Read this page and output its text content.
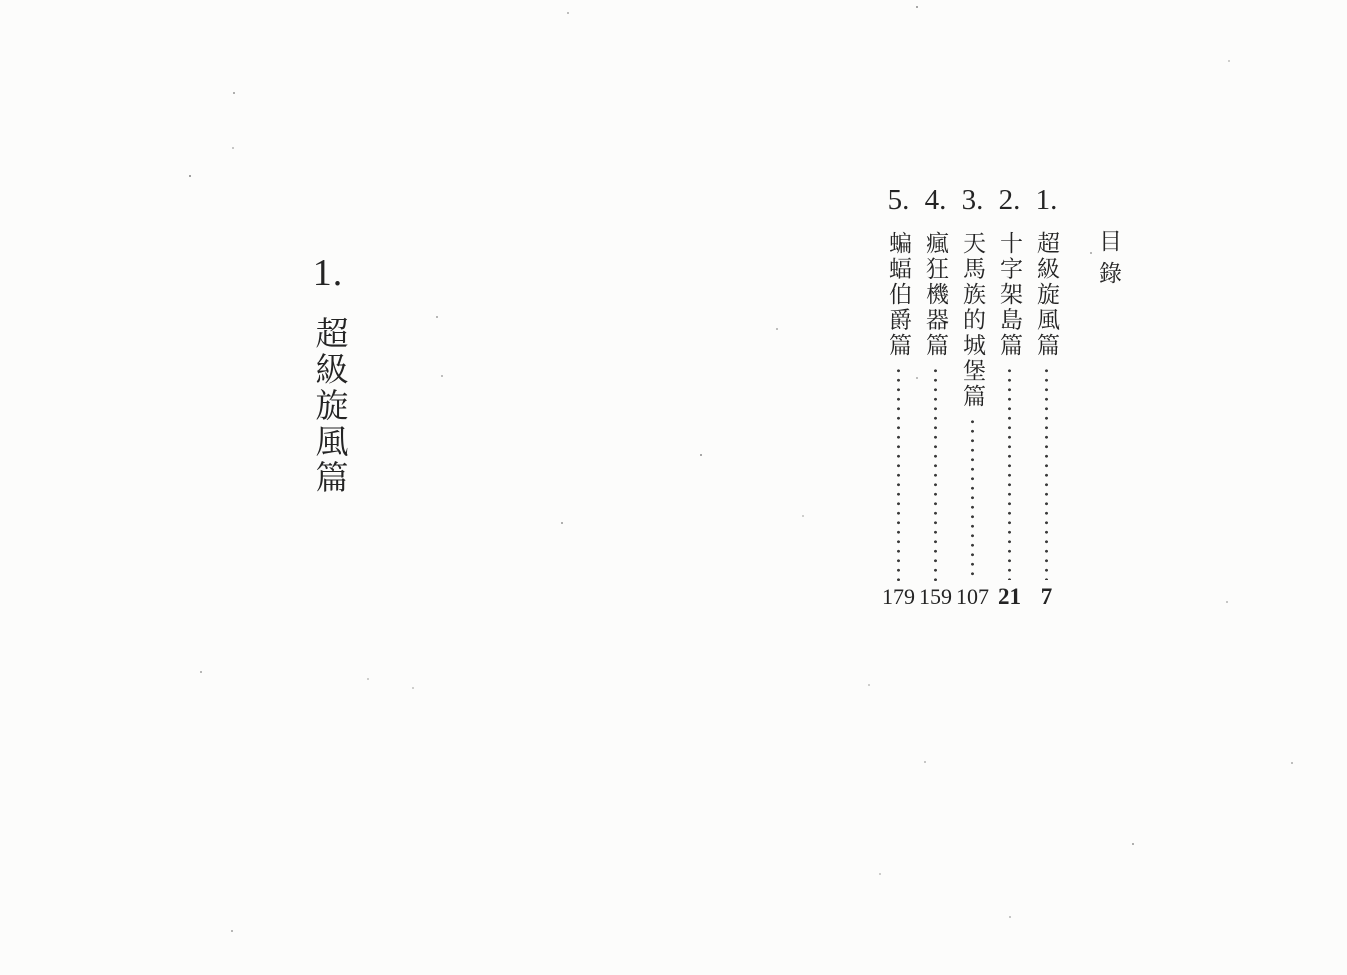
1.
超級旋風篇
目錄
1.
超級旋風篇
7
2.
十字架島篇
21
3.
天馬族的城堡篇
107
4.
瘋狂機器篇
159
5.
蝙蝠伯爵篇
179
